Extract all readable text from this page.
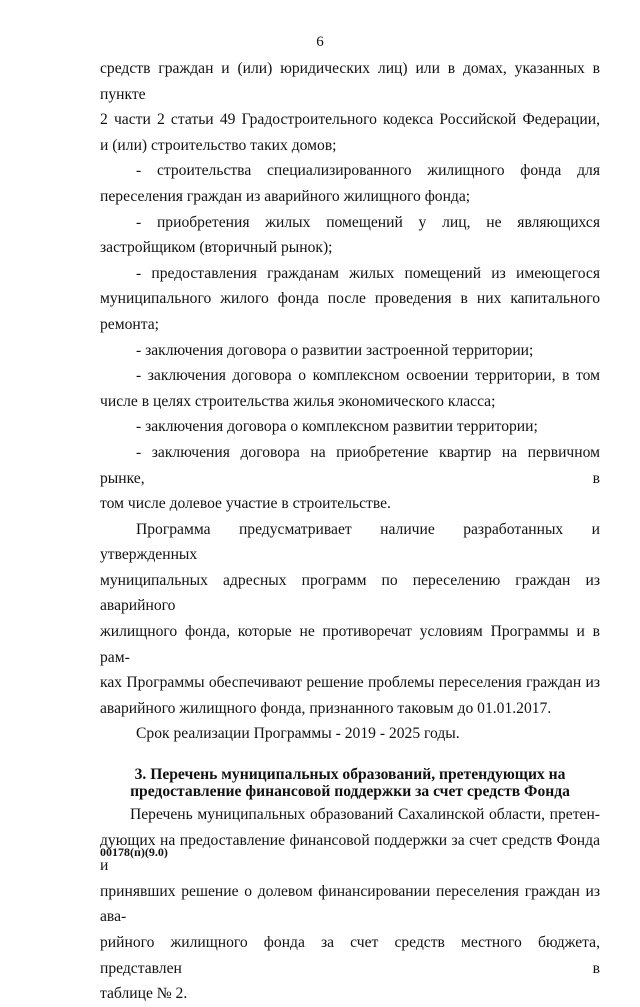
6

средств граждан и (или) юридических лиц) или в домах, указанных в пункте

2 части 2 статьи 49 Градостроительного кодекса Российской Федерации,

и (или) строительство таких домов;

- строительства специализированного жилищного фонда для

переселения граждан из аварийного жилищного фонда;

- приобретения жилых помещений у лиц, не являющихся

застройщиком (вторичный рынок);

- предоставления гражданам жилых помещений из имеющегося

муниципального жилого фонда после проведения в них капитального

ремонта;

- заключения договора о развитии застроенной территории;

- заключения договора о комплексном освоении территории, в том

числе в целях строительства жилья экономического класса;

- заключения договора о комплексном развитии территории;

- заключения договора на приобретение квартир на первичном рынке, в

том числе долевое участие в строительстве.

Программа предусматривает наличие разработанных и утвержденных

муниципальных адресных программ по переселению граждан из аварийного

жилищного фонда, которые не противоречат условиям Программы и в рам-

ках Программы обеспечивают решение проблемы переселения граждан из

аварийного жилищного фонда, признанного таковым до 01.01.2017.

Срок реализации Программы - 2019 - 2025 годы.

3. Перечень муниципальных образований, претендующих на
предоставление финансовой поддержки за счет средств Фонда

Перечень муниципальных образований Сахалинской области, претен-

дующих на предоставление финансовой поддержки за счет средств Фонда и

принявших решение о долевом финансировании переселения граждан из ава-

рийного жилищного фонда за счет средств местного бюджета, представлен в

таблице № 2.

00178(п)(9.0)
